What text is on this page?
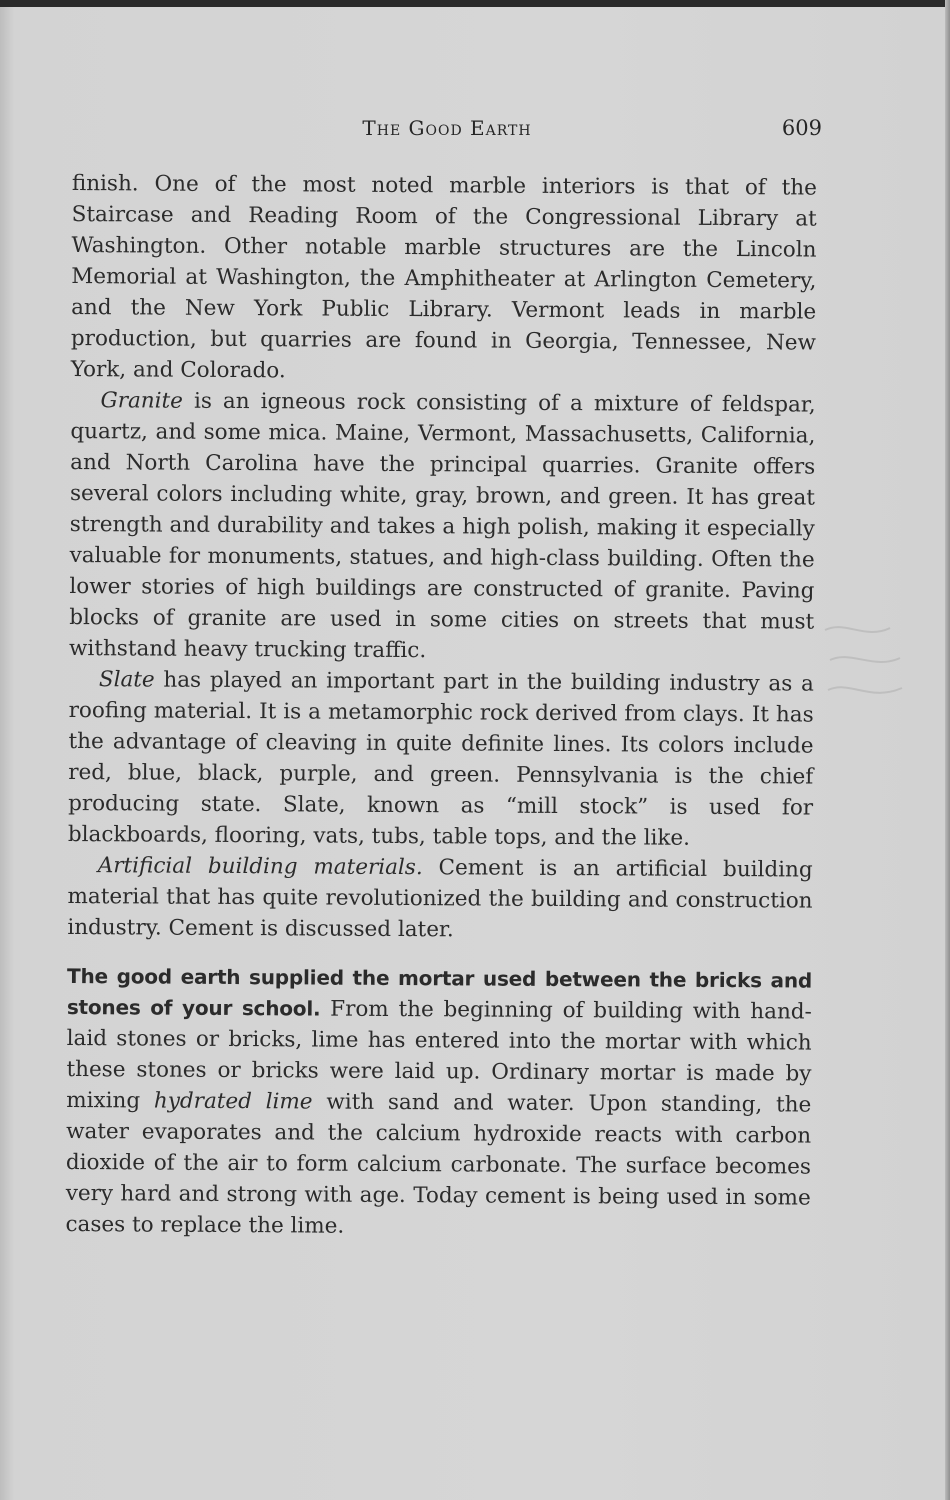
The Good Earth	609

finish. One of the most noted marble interiors is that of the Staircase and Reading Room of the Congressional Library at Washington. Other notable marble structures are the Lincoln Memorial at Washington, the Amphitheater at Arlington Cemetery, and the New York Public Library. Vermont leads in marble production, but quarries are found in Georgia, Tennessee, New York, and Colorado.

Granite is an igneous rock consisting of a mixture of feldspar, quartz, and some mica. Maine, Vermont, Massachusetts, California, and North Carolina have the principal quarries. Granite offers several colors including white, gray, brown, and green. It has great strength and durability and takes a high polish, making it especially valuable for monuments, statues, and high-class building. Often the lower stories of high buildings are constructed of granite. Paving blocks of granite are used in some cities on streets that must withstand heavy trucking traffic.

Slate has played an important part in the building industry as a roofing material. It is a metamorphic rock derived from clays. It has the advantage of cleaving in quite definite lines. Its colors include red, blue, black, purple, and green. Pennsylvania is the chief producing state. Slate, known as “mill stock” is used for blackboards, flooring, vats, tubs, table tops, and the like.

Artificial building materials. Cement is an artificial building material that has quite revolutionized the building and construction industry. Cement is discussed later.

The good earth supplied the mortar used between the bricks and stones of your school. From the beginning of building with hand-laid stones or bricks, lime has entered into the mortar with which these stones or bricks were laid up. Ordinary mortar is made by mixing hydrated lime with sand and water. Upon standing, the water evaporates and the calcium hydroxide reacts with carbon dioxide of the air to form calcium carbonate. The surface becomes very hard and strong with age. Today cement is being used in some cases to replace the lime.
